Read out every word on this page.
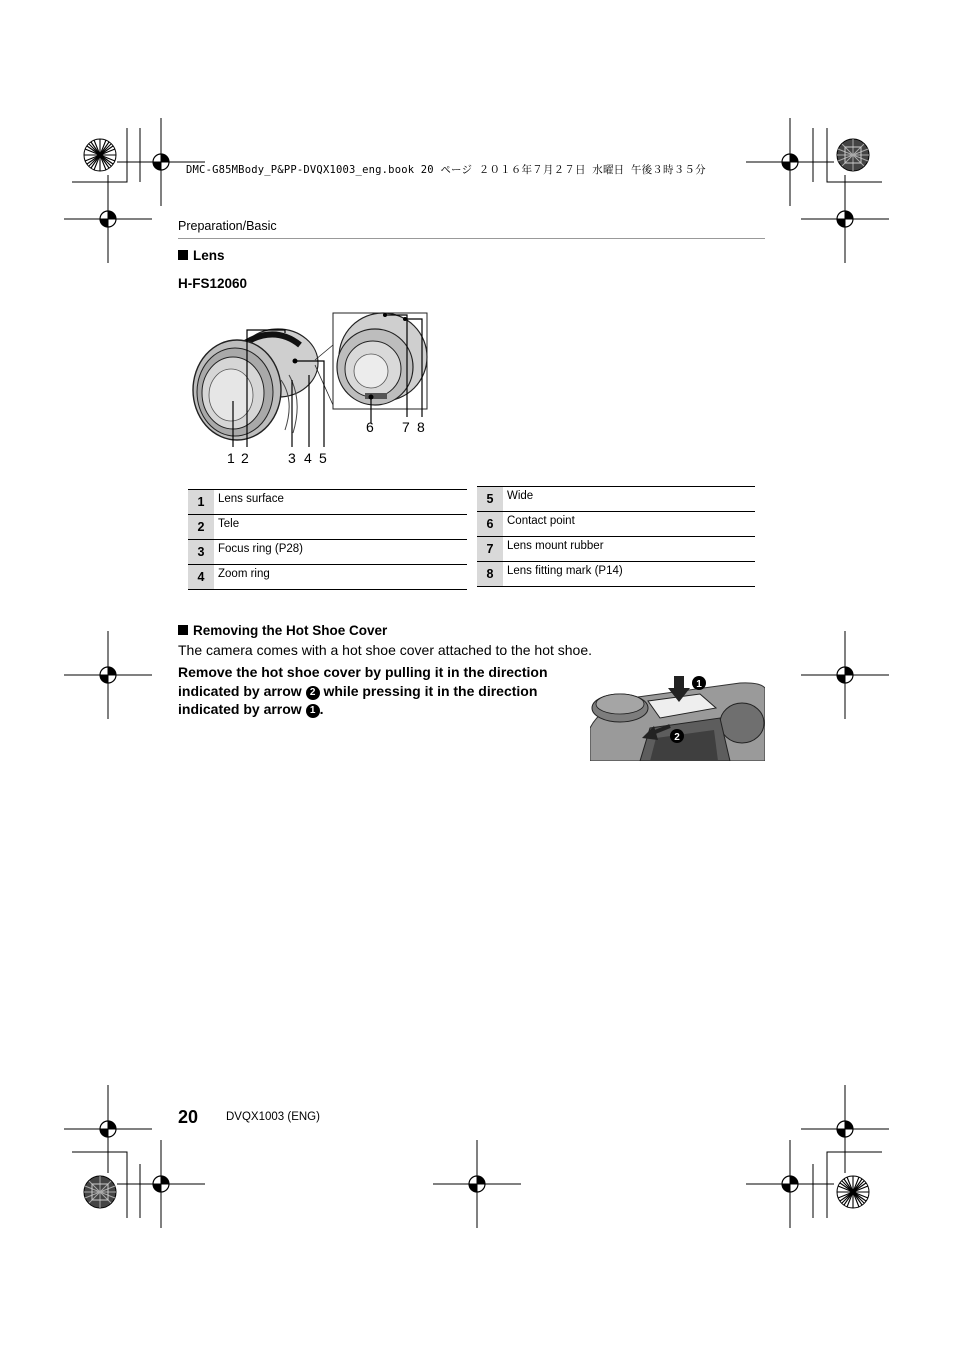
DMC-G85MBody_P&PP-DVQX1003_eng.book 20 ページ ２０１６年７月２７日 水曜日 午後３時３５分
Preparation/Basic
Lens
H-FS12060
1 2	3 4 5
6 7 8
1	Lens surface
2	Tele
3	Focus ring (P28)
4	Zoom ring
5	Wide
6	Contact point
7	Lens mount rubber
8	Lens fitting mark (P14)
Removing the Hot Shoe Cover
The camera comes with a hot shoe cover attached to the hot shoe.
Remove the hot shoe cover by pulling it in the direction indicated by arrow 2 while pressing it in the direction indicated by arrow 1 .
1
2
20 DVQX1003 (ENG)
